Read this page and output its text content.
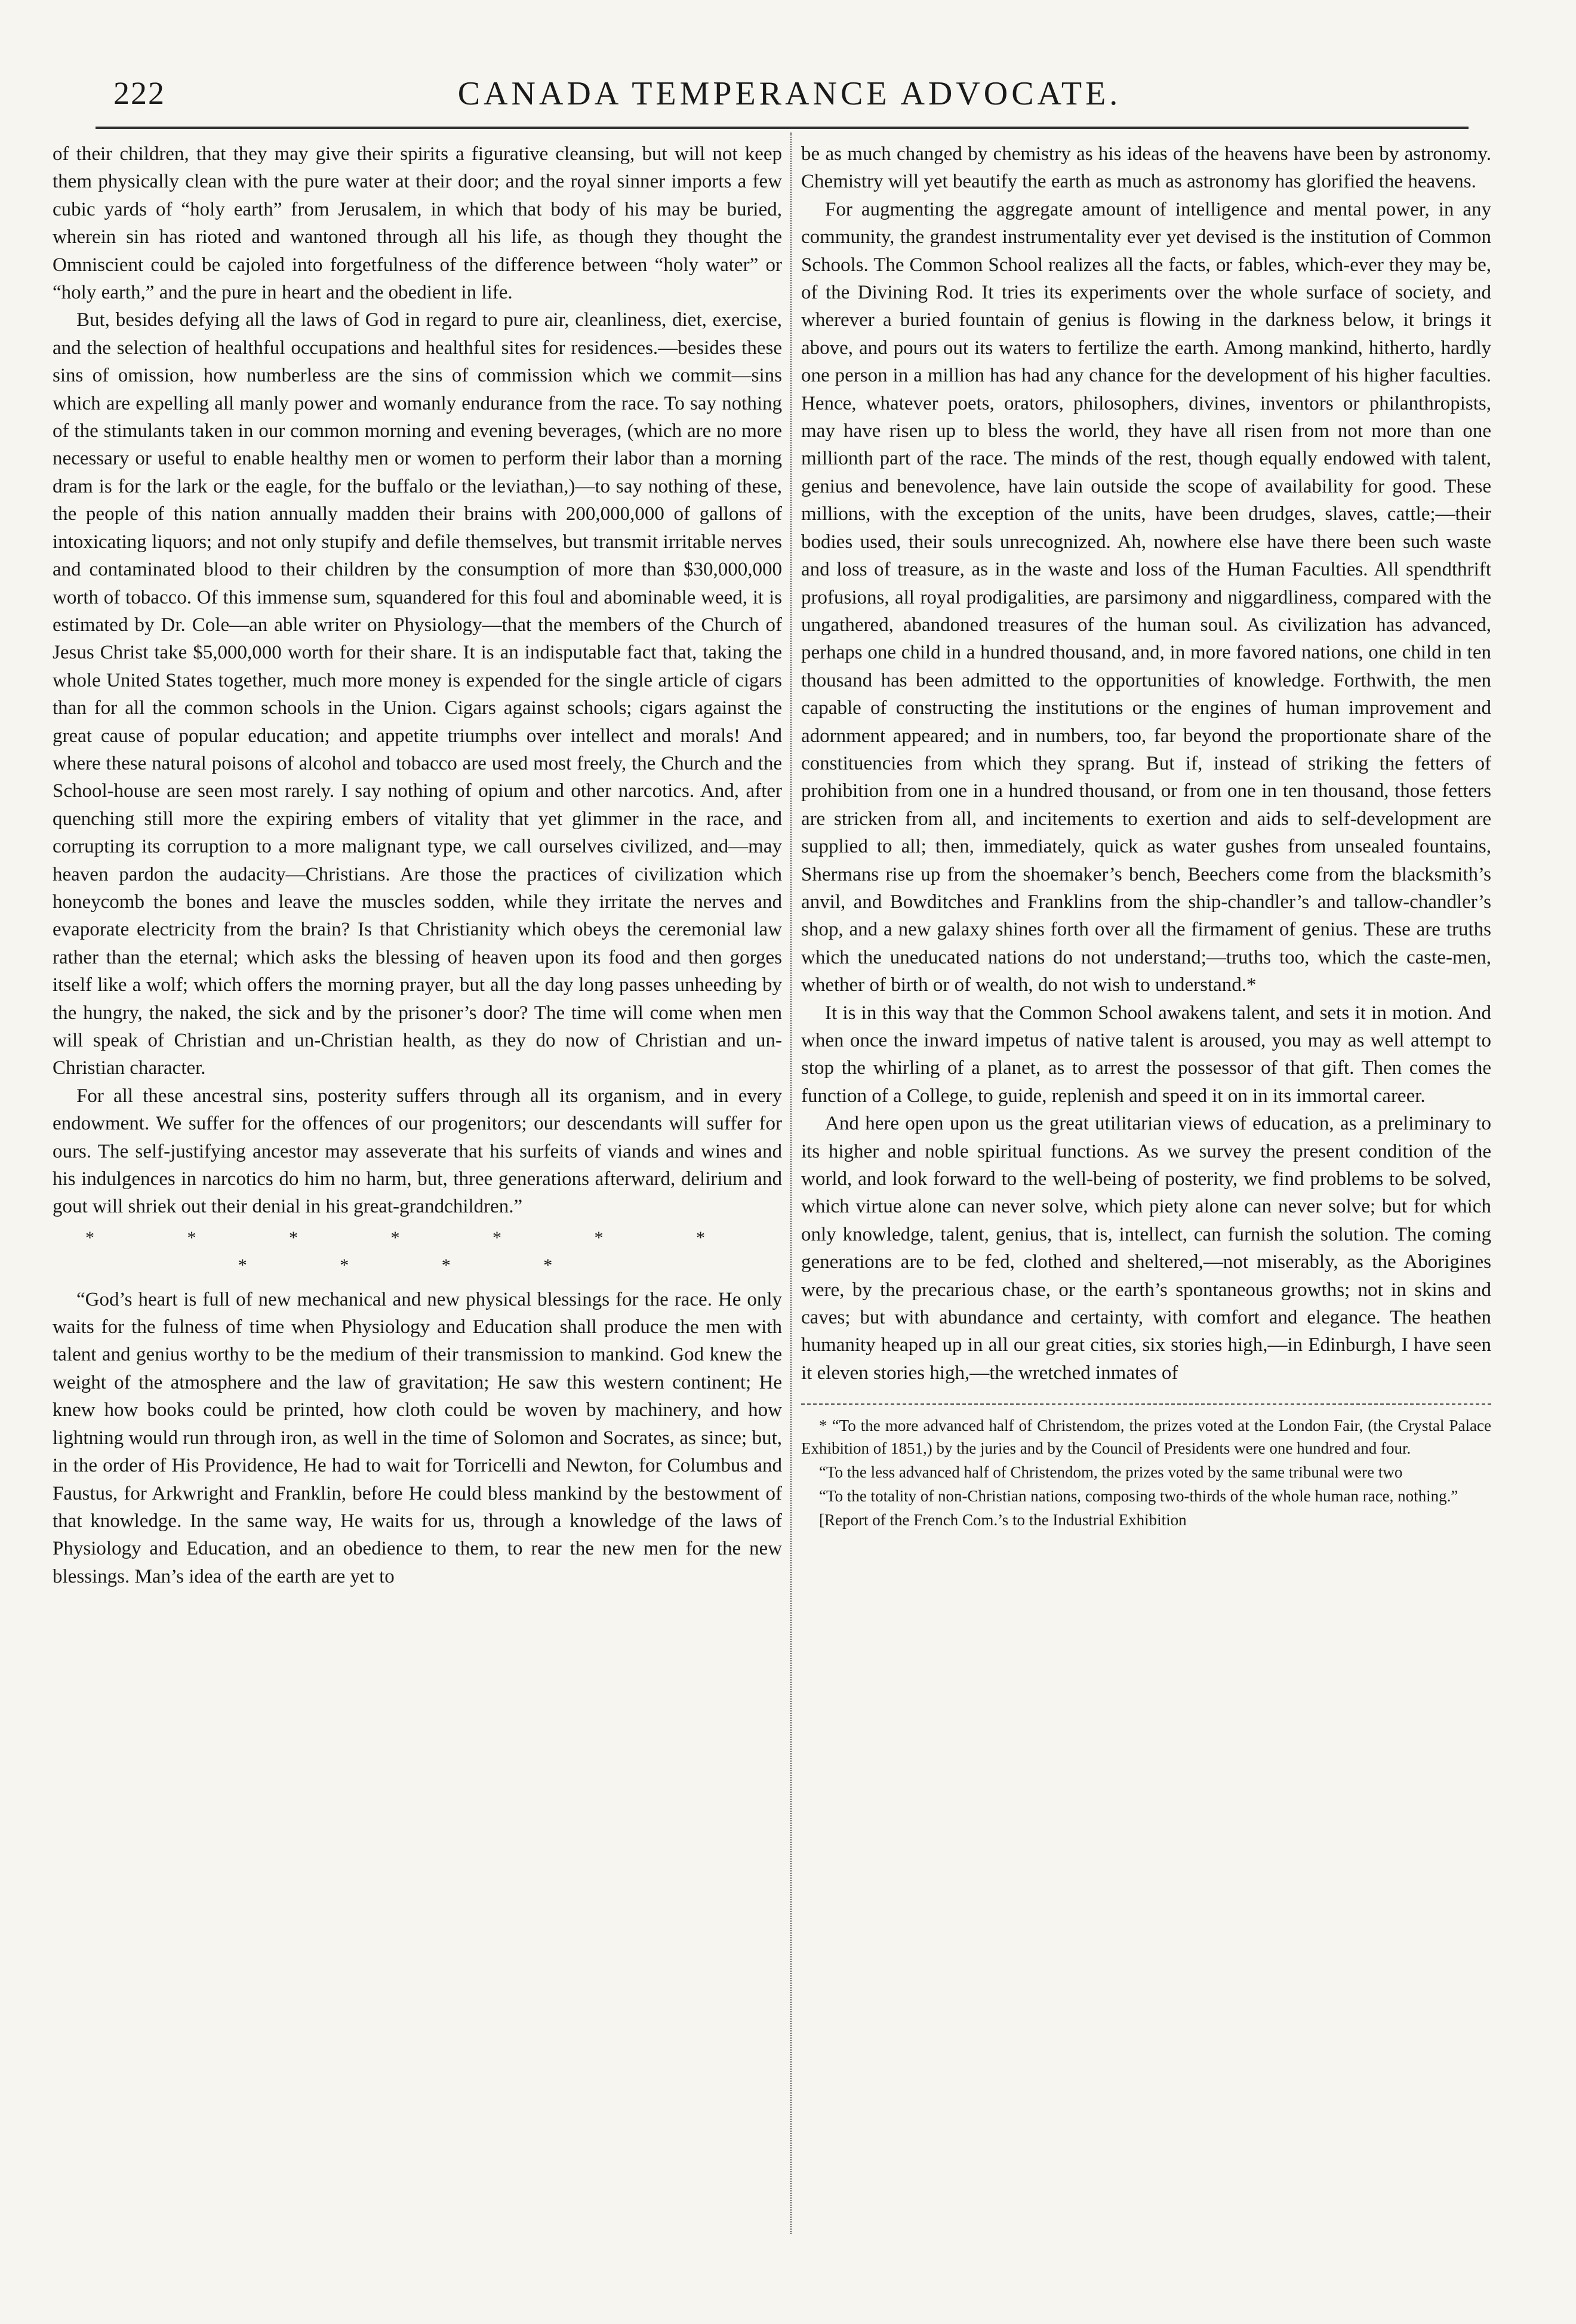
222	CANADA TEMPERANCE ADVOCATE.

of their children, that they may give their spirits a figurative cleansing, but will not keep them physically clean with the pure water at their door; and the royal sinner imports a few cubic yards of “holy earth” from Jerusalem, in which that body of his may be buried, wherein sin has rioted and wantoned through all his life, as though they thought the Omniscient could be cajoled into forgetfulness of the difference between “holy water” or “holy earth,” and the pure in heart and the obedient in life.

But, besides defying all the laws of God in regard to pure air, cleanliness, diet, exercise, and the selection of healthful occupations and healthful sites for residences.—besides these sins of omission, how numberless are the sins of commission which we commit—sins which are expelling all manly power and womanly endurance from the race. To say nothing of the stimulants taken in our common morning and evening beverages, (which are no more necessary or useful to enable healthy men or women to perform their labor than a morning dram is for the lark or the eagle, for the buffalo or the leviathan,)—to say nothing of these, the people of this nation annually madden their brains with 200,000,000 of gallons of intoxicating liquors; and not only stupify and defile themselves, but transmit irritable nerves and contaminated blood to their children by the consumption of more than $30,000,000 worth of tobacco. Of this immense sum, squandered for this foul and abominable weed, it is estimated by Dr. Cole—an able writer on Physiology—that the members of the Church of Jesus Christ take $5,000,000 worth for their share. It is an indisputable fact that, taking the whole United States together, much more money is expended for the single article of cigars than for all the common schools in the Union. Cigars against schools; cigars against the great cause of popular education; and appetite triumphs over intellect and morals! And where these natural poisons of alcohol and tobacco are used most freely, the Church and the School-house are seen most rarely. I say nothing of opium and other narcotics. And, after quenching still more the expiring embers of vitality that yet glimmer in the race, and corrupting its corruption to a more malignant type, we call ourselves civilized, and—may heaven pardon the audacity—Christians. Are those the practices of civilization which honeycomb the bones and leave the muscles sodden, while they irritate the nerves and evaporate electricity from the brain? Is that Christianity which obeys the ceremonial law rather than the eternal; which asks the blessing of heaven upon its food and then gorges itself like a wolf; which offers the morning prayer, but all the day long passes unheeding by the hungry, the naked, the sick and by the prisoner’s door? The time will come when men will speak of Christian and un-Christian health, as they do now of Christian and un-Christian character.

For all these ancestral sins, posterity suffers through all its organism, and in every endowment. We suffer for the offences of our progenitors; our descendants will suffer for ours. The self-justifying ancestor may asseverate that his surfeits of viands and wines and his indulgences in narcotics do him no harm, but, three generations afterward, delirium and gout will shriek out their denial in his great-grandchildren.”

* * * * * * * * * * *

“God’s heart is full of new mechanical and new physical blessings for the race. He only waits for the fulness of time when Physiology and Education shall produce the men with talent and genius worthy to be the medium of their transmission to mankind. God knew the weight of the atmosphere and the law of gravitation; He saw this western continent; He knew how books could be printed, how cloth could be woven by machinery, and how lightning would run through iron, as well in the time of Solomon and Socrates, as since; but, in the order of His Providence, He had to wait for Torricelli and Newton, for Columbus and Faustus, for Arkwright and Franklin, before He could bless mankind by the bestowment of that knowledge. In the same way, He waits for us, through a knowledge of the laws of Physiology and Education, and an obedience to them, to rear the new men for the new blessings. Man’s idea of the earth are yet to

be as much changed by chemistry as his ideas of the heavens have been by astronomy. Chemistry will yet beautify the earth as much as astronomy has glorified the heavens.

For augmenting the aggregate amount of intelligence and mental power, in any community, the grandest instrumentality ever yet devised is the institution of Common Schools. The Common School realizes all the facts, or fables, which-ever they may be, of the Divining Rod. It tries its experiments over the whole surface of society, and wherever a buried fountain of genius is flowing in the darkness below, it brings it above, and pours out its waters to fertilize the earth. Among mankind, hitherto, hardly one person in a million has had any chance for the development of his higher faculties. Hence, whatever poets, orators, philosophers, divines, inventors or philanthropists, may have risen up to bless the world, they have all risen from not more than one millionth part of the race. The minds of the rest, though equally endowed with talent, genius and benevolence, have lain outside the scope of availability for good. These millions, with the exception of the units, have been drudges, slaves, cattle;—their bodies used, their souls unrecognized. Ah, nowhere else have there been such waste and loss of treasure, as in the waste and loss of the Human Faculties. All spendthrift profusions, all royal prodigalities, are parsimony and niggardliness, compared with the ungathered, abandoned treasures of the human soul. As civilization has advanced, perhaps one child in a hundred thousand, and, in more favored nations, one child in ten thousand has been admitted to the opportunities of knowledge. Forthwith, the men capable of constructing the institutions or the engines of human improvement and adornment appeared; and in numbers, too, far beyond the proportionate share of the constituencies from which they sprang. But if, instead of striking the fetters of prohibition from one in a hundred thousand, or from one in ten thousand, those fetters are stricken from all, and incitements to exertion and aids to self-development are supplied to all; then, immediately, quick as water gushes from unsealed fountains, Shermans rise up from the shoemaker’s bench, Beechers come from the blacksmith’s anvil, and Bowditches and Franklins from the ship-chandler’s and tallow-chandler’s shop, and a new galaxy shines forth over all the firmament of genius. These are truths which the uneducated nations do not understand;—truths too, which the caste-men, whether of birth or of wealth, do not wish to understand.*

It is in this way that the Common School awakens talent, and sets it in motion. And when once the inward impetus of native talent is aroused, you may as well attempt to stop the whirling of a planet, as to arrest the possessor of that gift. Then comes the function of a College, to guide, replenish and speed it on in its immortal career.

And here open upon us the great utilitarian views of education, as a preliminary to its higher and noble spiritual functions. As we survey the present condition of the world, and look forward to the well-being of posterity, we find problems to be solved, which virtue alone can never solve, which piety alone can never solve; but for which only knowledge, talent, genius, that is, intellect, can furnish the solution. The coming generations are to be fed, clothed and sheltered,—not miserably, as the Aborigines were, by the precarious chase, or the earth’s spontaneous growths; not in skins and caves; but with abundance and certainty, with comfort and elegance. The heathen humanity heaped up in all our great cities, six stories high,—in Edinburgh, I have seen it eleven stories high,—the wretched inmates of

* “To the more advanced half of Christendom, the prizes voted at the London Fair, (the Crystal Palace Exhibition of 1851,) by the juries and by the Council of Presidents were one hundred and four.

“To the less advanced half of Christendom, the prizes voted by the same tribunal were two

“To the totality of non-Christian nations, composing two-thirds of the whole human race, nothing.”

[Report of the French Com.’s to the Industrial Exhibition
